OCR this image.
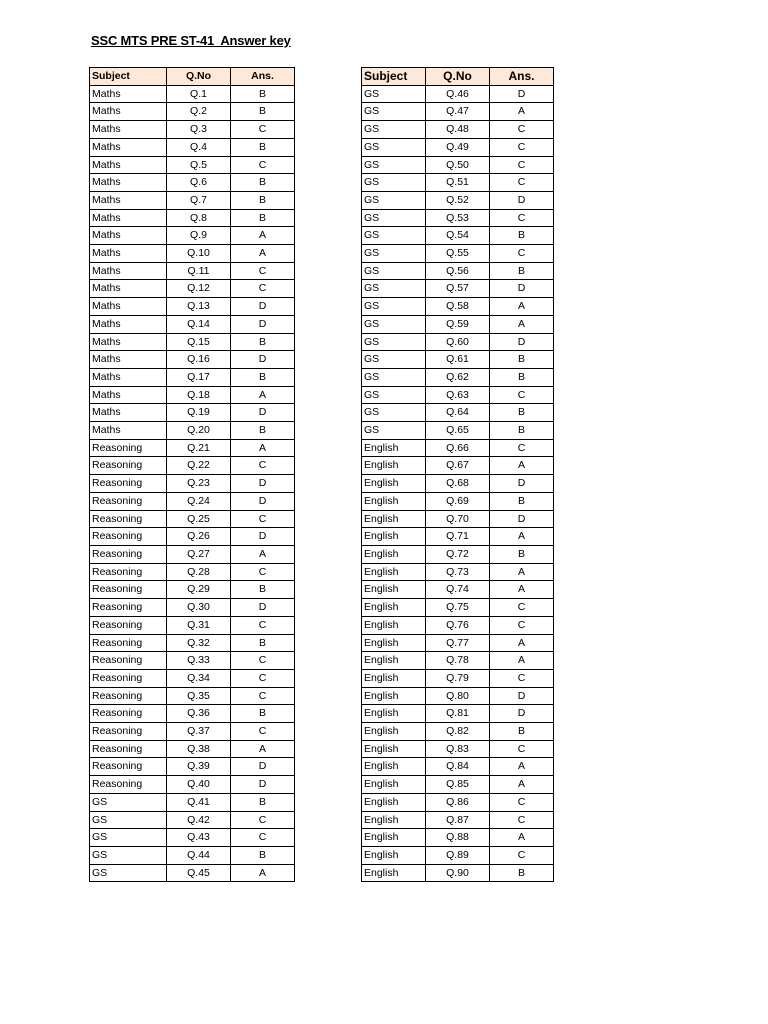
SSC MTS PRE ST-41  Answer key
Subject	Q.No	Ans.
Maths	Q.1	B
Maths	Q.2	B
Maths	Q.3	C
Maths	Q.4	B
Maths	Q.5	C
Maths	Q.6	B
Maths	Q.7	B
Maths	Q.8	B
Maths	Q.9	A
Maths	Q.10	A
Maths	Q.11	C
Maths	Q.12	C
Maths	Q.13	D
Maths	Q.14	D
Maths	Q.15	B
Maths	Q.16	D
Maths	Q.17	B
Maths	Q.18	A
Maths	Q.19	D
Maths	Q.20	B
Reasoning	Q.21	A
Reasoning	Q.22	C
Reasoning	Q.23	D
Reasoning	Q.24	D
Reasoning	Q.25	C
Reasoning	Q.26	D
Reasoning	Q.27	A
Reasoning	Q.28	C
Reasoning	Q.29	B
Reasoning	Q.30	D
Reasoning	Q.31	C
Reasoning	Q.32	B
Reasoning	Q.33	C
Reasoning	Q.34	C
Reasoning	Q.35	C
Reasoning	Q.36	B
Reasoning	Q.37	C
Reasoning	Q.38	A
Reasoning	Q.39	D
Reasoning	Q.40	D
GS	Q.41	B
GS	Q.42	C
GS	Q.43	C
GS	Q.44	B
GS	Q.45	A
Subject	Q.No	Ans.
GS	Q.46	D
GS	Q.47	A
GS	Q.48	C
GS	Q.49	C
GS	Q.50	C
GS	Q.51	C
GS	Q.52	D
GS	Q.53	C
GS	Q.54	B
GS	Q.55	C
GS	Q.56	B
GS	Q.57	D
GS	Q.58	A
GS	Q.59	A
GS	Q.60	D
GS	Q.61	B
GS	Q.62	B
GS	Q.63	C
GS	Q.64	B
GS	Q.65	B
English	Q.66	C
English	Q.67	A
English	Q.68	D
English	Q.69	B
English	Q.70	D
English	Q.71	A
English	Q.72	B
English	Q.73	A
English	Q.74	A
English	Q.75	C
English	Q.76	C
English	Q.77	A
English	Q.78	A
English	Q.79	C
English	Q.80	D
English	Q.81	D
English	Q.82	B
English	Q.83	C
English	Q.84	A
English	Q.85	A
English	Q.86	C
English	Q.87	C
English	Q.88	A
English	Q.89	C
English	Q.90	B
